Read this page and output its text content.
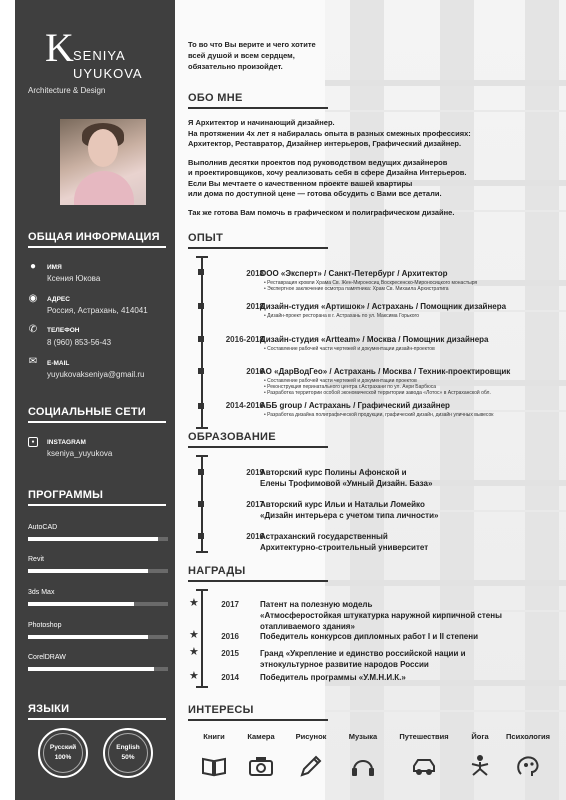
K SENIYA
UYUKOVA
Architecture & Design
ОБЩАЯ ИНФОРМАЦИЯ
●	ИМЯ
Ксения Юкова
◉ АДРЕС
Россия, Астрахань, 414041
✆ ТЕЛЕФОН
8 (960) 853-56-43
✉ E-MAIL
yuyukovakseniya@gmail.ru
СОЦИАЛЬНЫЕ СЕТИ
●	INSTAGRAM
kseniya_yuyukova
ПРОГРАММЫ
AutoCAD
Revit
3ds Max
Photoshop
CorelDRAW
ЯЗЫКИ
Русский
100%
English
50%
То во что Вы верите и чего хотите
всей душой и всем сердцем,
обязательно произойдет.
ОБО МНЕ

Я Архитектор и начинающий дизайнер.
На протяжении 4х лет я набиралась опыта в разных смежных профессиях:
Архитектор, Реставратор, Дизайнер интерьеров, Графический дизайнер.

Выполнив десятки проектов под руководством ведущих дизайнеров
и проектировщиков, хочу реализовать себя в сфере Дизайна Интерьеров.
Если Вы мечтаете о качественном проекте вашей квартиры
или дома по доступной цене — готова обсудить с Вами все детали.

Так же готова Вам помочь в графическом и полиграфическом дизайне.

ОПЫТ
2018
ООО «Эксперт» / Санкт-Петербург / Архитектор
• Реставрация кровли Храма Св. Жен-Мироносиц Воскресенско-Мироносицкого монастыря
• Экспертное заключение осмотра памятника: Храм Св. Михаила Архистратига
2018
Дизайн-студия «Артишок» / Астрахань / Помощник дизайнера
• Дизайн-проект ресторана в г. Астрахань по ул. Максима Горького
2016-2018
Дизайн-студия «Artteam» / Москва / Помощник дизайнера
• Составление рабочей части чертежей и документации дизайн-проектов
2016
АО «ДарВодГео» / Астрахань / Москва / Техник-проектировщик
• Составление рабочей части чертежей и документации проектов
• Реконструкция перинатального центра г.Астрахани по ул. Анри Барбюса
• Разработка территории особой экономической территории завода «Лотос» в Астраханской обл.
2014-2016
АББ group / Астрахань / Графический дизайнер
• Разработка дизайна полиграфической продукции, графический дизайн, дизайн уличных вывесок
ОБРАЗОВАНИЕ
2019
Авторский курс Полины Афонской и
Елены Трофимовой «Умный Дизайн. База»
2017
Авторский курс Ильи и Натальи Ломейко
«Дизайн интерьера с учетом типа личности»
2016
Астраханский государственный
Архитектурно-строительный университет
НАГРАДЫ
★	2017	Патент на полезную модель
«Атмосферостойкая штукатурка наружной кирпичной стены
отапливаемого здания»
★	2016	Победитель конкурсов дипломных работ I и II степени
★	2015	Гранд «Укрепление и единство российской нации и
этнокультурное развитие народов России
★	2014	Победитель программы «У.М.Н.И.К.»
ИНТЕРЕСЫ
Книги	Камера	Рисунок	Музыка	Путешествия	Йога	Психология
